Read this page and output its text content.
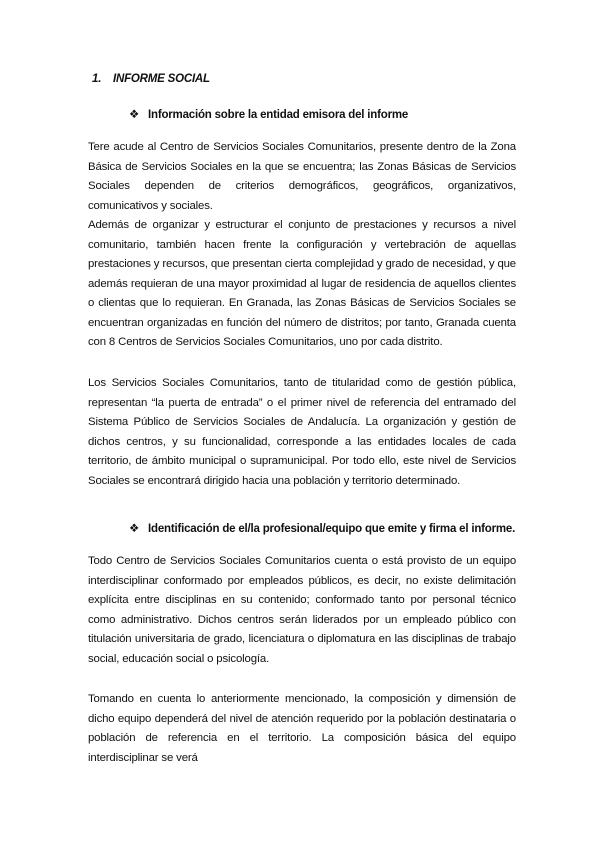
1. INFORME SOCIAL
❖ Información sobre la entidad emisora del informe

Tere acude al Centro de Servicios Sociales Comunitarios, presente dentro de la Zona Básica de Servicios Sociales en la que se encuentra; las Zonas Básicas de Servicios Sociales dependen de criterios demográficos, geográficos, organizativos, comunicativos y sociales.

Además de organizar y estructurar el conjunto de prestaciones y recursos a nivel comunitario, también hacen frente la configuración y vertebración de aquellas prestaciones y recursos, que presentan cierta complejidad y grado de necesidad, y que además requieran de una mayor proximidad al lugar de residencia de aquellos clientes o clientas que lo requieran. En Granada, las Zonas Básicas de Servicios Sociales se encuentran organizadas en función del número de distritos; por tanto, Granada cuenta con 8 Centros de Servicios Sociales Comunitarios, uno por cada distrito.

Los Servicios Sociales Comunitarios, tanto de titularidad como de gestión pública, representan “la puerta de entrada” o el primer nivel de referencia del entramado del Sistema Público de Servicios Sociales de Andalucía. La organización y gestión de dichos centros, y su funcionalidad, corresponde a las entidades locales de cada territorio, de ámbito municipal o supramunicipal. Por todo ello, este nivel de Servicios Sociales se encontrará dirigido hacia una población y territorio determinado.

❖ Identificación de el/la profesional/equipo que emite y firma el informe.

Todo Centro de Servicios Sociales Comunitarios cuenta o está provisto de un equipo interdisciplinar conformado por empleados públicos, es decir, no existe delimitación explícita entre disciplinas en su contenido; conformado tanto por personal técnico como administrativo. Dichos centros serán liderados por un empleado público con titulación universitaria de grado, licenciatura o diplomatura en las disciplinas de trabajo social, educación social o psicología.

Tomando en cuenta lo anteriormente mencionado, la composición y dimensión de dicho equipo dependerá del nivel de atención requerido por la población destinataria o población de referencia en el territorio. La composición básica del equipo interdisciplinar se verá
